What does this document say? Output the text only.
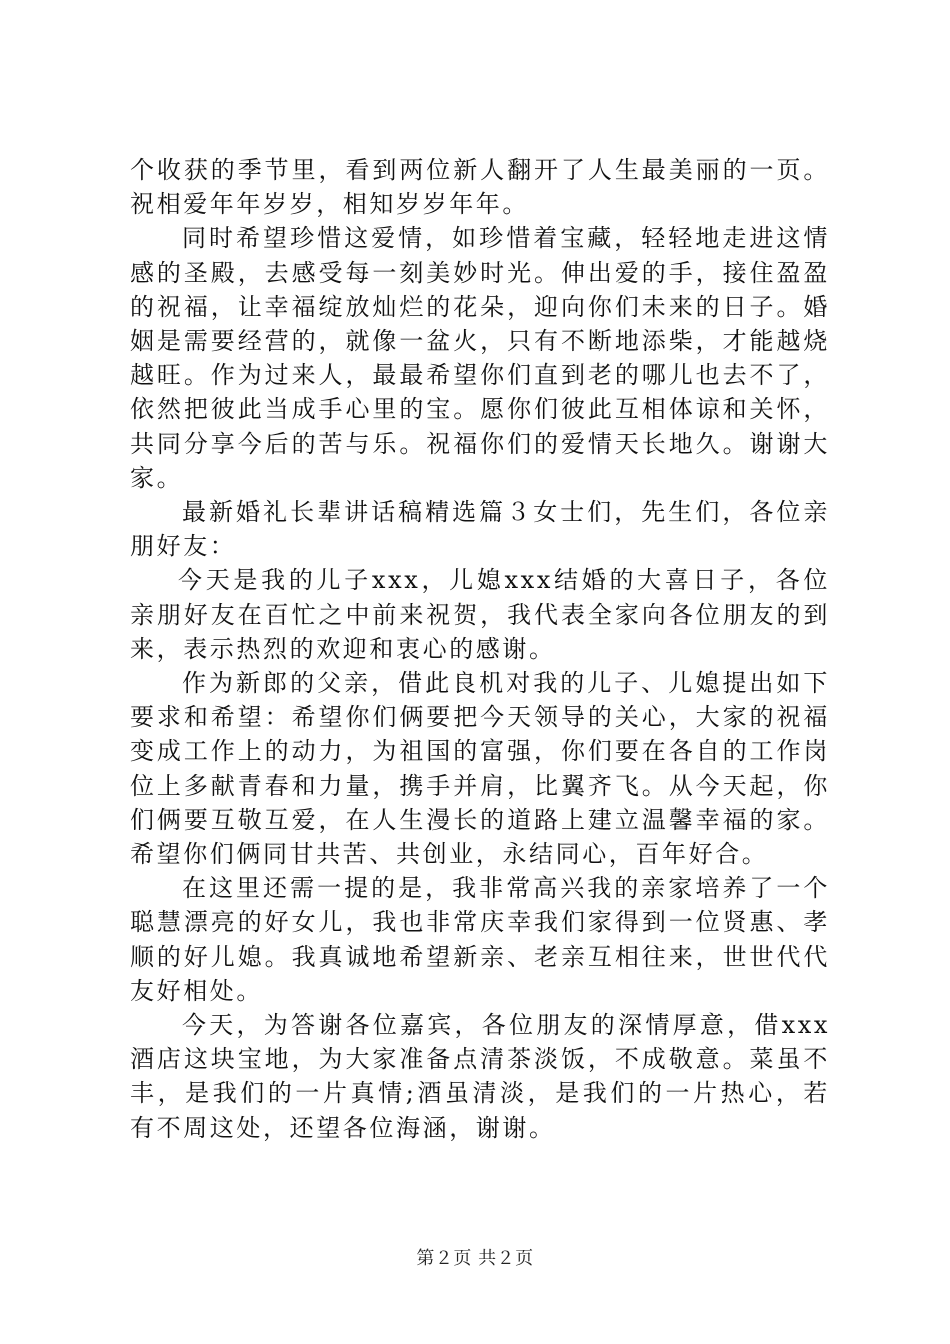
个收获的季节里，看到两位新人翻开了人生最美丽的一页。祝相爱年年岁岁，相知岁岁年年。

同时希望珍惜这爱情，如珍惜着宝藏，轻轻地走进这情感的圣殿，去感受每一刻美妙时光。伸出爱的手，接住盈盈的祝福，让幸福绽放灿烂的花朵，迎向你们未来的日子。婚姻是需要经营的，就像一盆火，只有不断地添柴，才能越烧越旺。作为过来人，最最希望你们直到老的哪儿也去不了，依然把彼此当成手心里的宝。愿你们彼此互相体谅和关怀，共同分享今后的苦与乐。祝福你们的爱情天长地久。谢谢大家。

最新婚礼长辈讲话稿精选篇３女士们，先生们，各位亲朋好友：

今天是我的儿子xxx，儿媳xxx结婚的大喜日子，各位亲朋好友在百忙之中前来祝贺，我代表全家向各位朋友的到来，表示热烈的欢迎和衷心的感谢。

作为新郎的父亲，借此良机对我的儿子、儿媳提出如下要求和希望：希望你们俩要把今天领导的关心，大家的祝福变成工作上的动力，为祖国的富强，你们要在各自的工作岗位上多献青春和力量，携手并肩，比翼齐飞。从今天起，你们俩要互敬互爱，在人生漫长的道路上建立温馨幸福的家。希望你们俩同甘共苦、共创业，永结同心，百年好合。

在这里还需一提的是，我非常高兴我的亲家培养了一个聪慧漂亮的好女儿，我也非常庆幸我们家得到一位贤惠、孝顺的好儿媳。我真诚地希望新亲、老亲互相往来，世世代代友好相处。

今天，为答谢各位嘉宾，各位朋友的深情厚意，借xxx酒店这块宝地，为大家准备点清茶淡饭，不成敬意。菜虽不丰，是我们的一片真情;酒虽清淡，是我们的一片热心，若有不周这处，还望各位海涵，谢谢。

第２页 共２页
